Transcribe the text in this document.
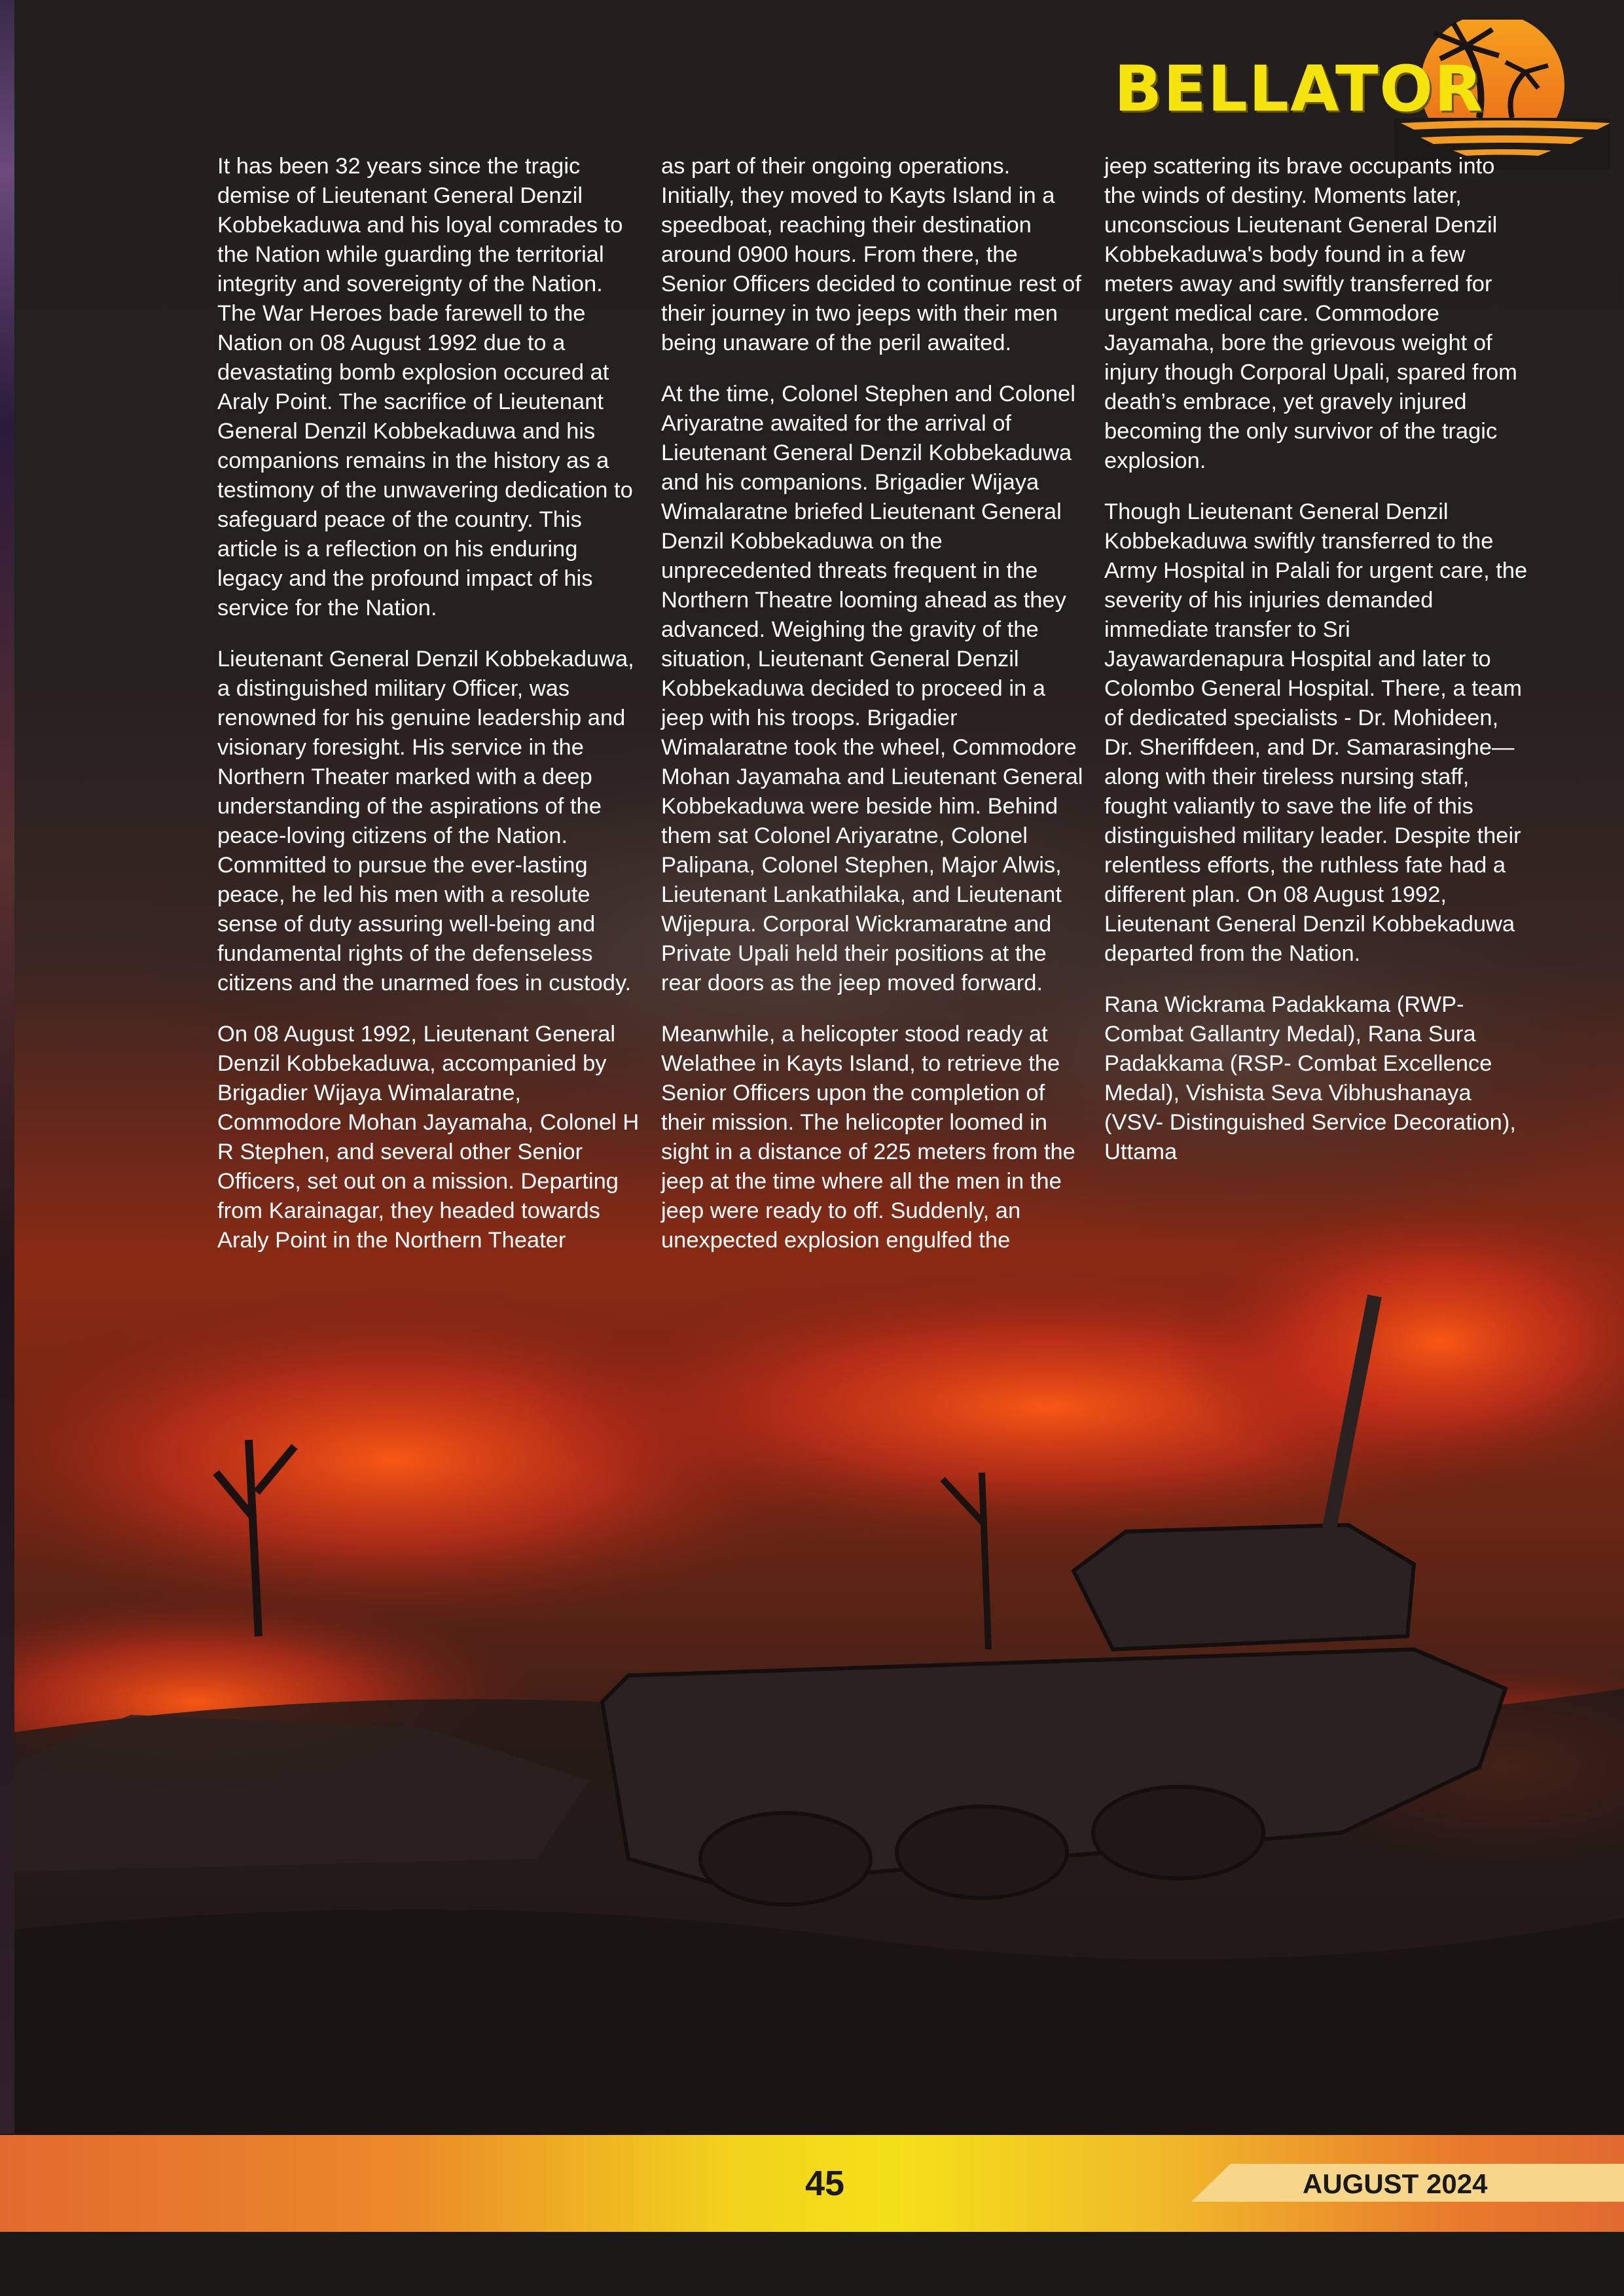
BELLATOR

It has been 32 years since the tragic demise of Lieutenant General Denzil Kobbekaduwa and his loyal comrades to the Nation while guarding the territorial integrity and sovereignty of the Nation. The War Heroes bade farewell to the Nation on 08 August 1992 due to a devastating bomb explosion occured at Araly Point. The sacrifice of Lieutenant General Denzil Kobbekaduwa and his companions remains in the history as a testimony of the unwavering dedication to safeguard peace of the country. This article is a reflection on his enduring legacy and the profound impact of his service for the Nation.

Lieutenant General Denzil Kobbekaduwa, a distinguished military Officer, was renowned for his genuine leadership and visionary foresight. His service in the Northern Theater marked with a deep understanding of the aspirations of the peace-loving citizens of the Nation. Committed to pursue the ever-lasting peace, he led his men with a resolute sense of duty assuring well-being and fundamental rights of the defenseless citizens and the unarmed foes in custody.

On 08 August 1992, Lieutenant General Denzil Kobbekaduwa, accompanied by Brigadier Wijaya Wimalaratne, Commodore Mohan Jayamaha, Colonel H R Stephen, and several other Senior Officers, set out on a mission. Departing from Karainagar, they headed towards Araly Point in the Northern Theater

as part of their ongoing operations. Initially, they moved to Kayts Island in a speedboat, reaching their destination around 0900 hours. From there, the Senior Officers decided to continue rest of their journey in two jeeps with their men being unaware of the peril awaited.

At the time, Colonel Stephen and Colonel Ariyaratne awaited for the arrival of Lieutenant General Denzil Kobbekaduwa and his companions. Brigadier Wijaya Wimalaratne briefed Lieutenant General Denzil Kobbekaduwa on the unprecedented threats frequent in the Northern Theatre looming ahead as they advanced. Weighing the gravity of the situation, Lieutenant General Denzil Kobbekaduwa decided to proceed in a jeep with his troops. Brigadier Wimalaratne took the wheel, Commodore Mohan Jayamaha and Lieutenant General Kobbekaduwa were beside him. Behind them sat Colonel Ariyaratne, Colonel Palipana, Colonel Stephen, Major Alwis, Lieutenant Lankathilaka, and Lieutenant Wijepura. Corporal Wickramaratne and Private Upali held their positions at the rear doors as the jeep moved forward.

Meanwhile, a helicopter stood ready at Welathee in Kayts Island, to retrieve the Senior Officers upon the completion of their mission. The helicopter loomed in sight in a distance of 225 meters from the jeep at the time where all the men in the jeep were ready to off. Suddenly, an unexpected explosion engulfed the

jeep scattering its brave occupants into the winds of destiny. Moments later, unconscious Lieutenant General Denzil Kobbekaduwa's body found in a few meters away and swiftly transferred for urgent medical care. Commodore Jayamaha, bore the grievous weight of injury though Corporal Upali, spared from death’s embrace, yet gravely injured becoming the only survivor of the tragic explosion.

Though Lieutenant General Denzil Kobbekaduwa swiftly transferred to the Army Hospital in Palali for urgent care, the severity of his injuries demanded immediate transfer to Sri Jayawardenapura Hospital and later to Colombo General Hospital. There, a team of dedicated specialists - Dr. Mohideen, Dr. Sheriffdeen, and Dr. Samarasinghe—along with their tireless nursing staff, fought valiantly to save the life of this distinguished military leader. Despite their relentless efforts, the ruthless fate had a different plan. On 08 August 1992, Lieutenant General Denzil Kobbekaduwa departed from the Nation.

Rana Wickrama Padakkama (RWP- Combat Gallantry Medal), Rana Sura Padakkama (RSP- Combat Excellence Medal), Vishista Seva Vibhushanaya (VSV- Distinguished Service Decoration), Uttama

45	AUGUST 2024
